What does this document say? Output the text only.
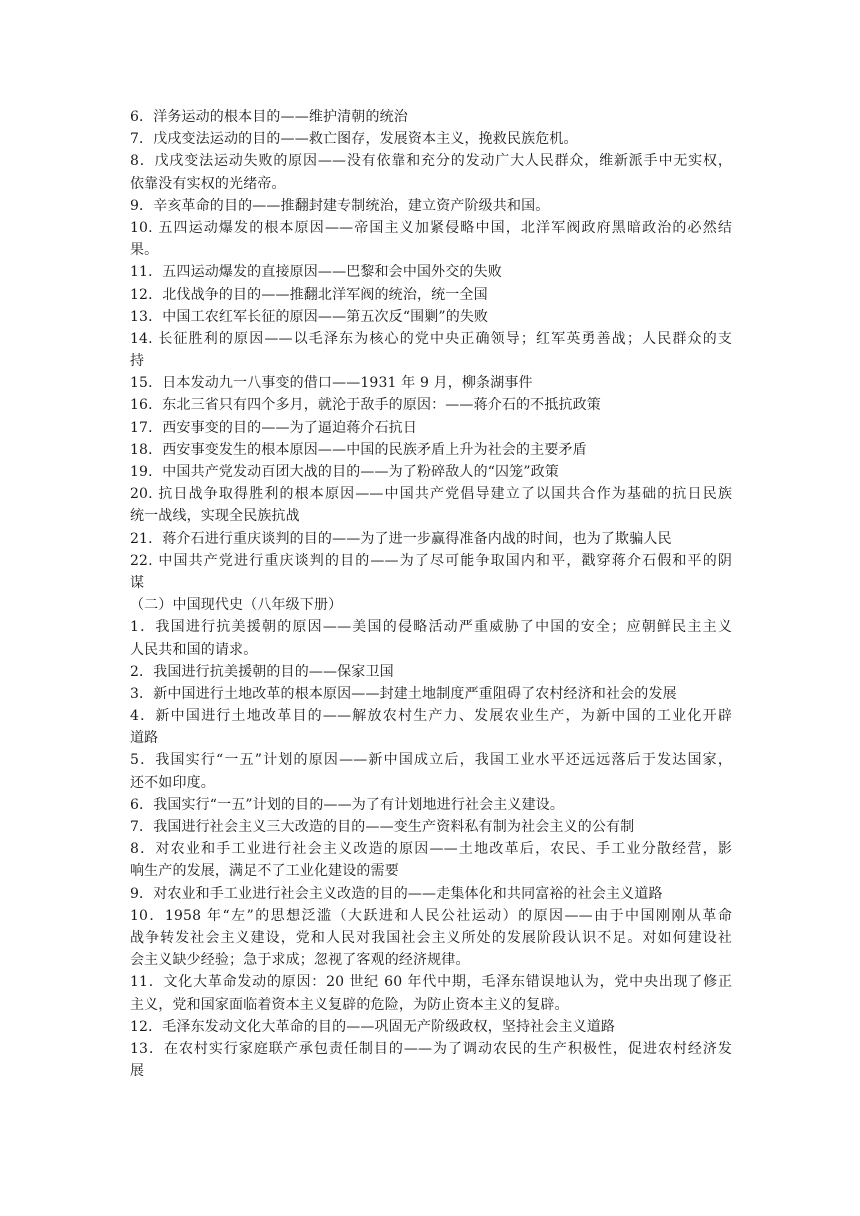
6．洋务运动的根本目的——维护清朝的统治
7．戊戌变法运动的目的——救亡图存，发展资本主义，挽救民族危机。
8．戊戌变法运动失败的原因——没有依靠和充分的发动广大人民群众，维新派手中无实权，
依靠没有实权的光绪帝。
9．辛亥革命的目的——推翻封建专制统治，建立资产阶级共和国。
10. 五四运动爆发的根本原因——帝国主义加紧侵略中国，北洋军阀政府黑暗政治的必然结
果。
11．五四运动爆发的直接原因——巴黎和会中国外交的失败
12．北伐战争的目的——推翻北洋军阀的统治，统一全国
13．中国工农红军长征的原因——第五次反“围剿”的失败
14. 长征胜利的原因——以毛泽东为核心的党中央正确领导；红军英勇善战；人民群众的支
持
15．日本发动九一八事变的借口——1931 年 9 月，柳条湖事件
16．东北三省只有四个多月，就沦于敌手的原因：——蒋介石的不抵抗政策
17．西安事变的目的——为了逼迫蒋介石抗日
18．西安事变发生的根本原因——中国的民族矛盾上升为社会的主要矛盾
19．中国共产党发动百团大战的目的——为了粉碎敌人的“囚笼”政策
20. 抗日战争取得胜利的根本原因——中国共产党倡导建立了以国共合作为基础的抗日民族
统一战线，实现全民族抗战
21．蒋介石进行重庆谈判的目的——为了进一步赢得准备内战的时间，也为了欺骗人民
22. 中国共产党进行重庆谈判的目的——为了尽可能争取国内和平，戳穿蒋介石假和平的阴
谋
（二）中国现代史（八年级下册）
1．我国进行抗美援朝的原因——美国的侵略活动严重威胁了中国的安全；应朝鲜民主主义
人民共和国的请求。
2．我国进行抗美援朝的目的——保家卫国
3．新中国进行土地改革的根本原因——封建土地制度严重阻碍了农村经济和社会的发展
4．新中国进行土地改革目的——解放农村生产力、发展农业生产，为新中国的工业化开辟
道路
5．我国实行“一五”计划的原因——新中国成立后，我国工业水平还远远落后于发达国家，
还不如印度。
6．我国实行“一五”计划的目的——为了有计划地进行社会主义建设。
7．我国进行社会主义三大改造的目的——变生产资料私有制为社会主义的公有制
8．对农业和手工业进行社会主义改造的原因——土地改革后，农民、手工业分散经营，影
响生产的发展，满足不了工业化建设的需要
9．对农业和手工业进行社会主义改造的目的——走集体化和共同富裕的社会主义道路
10．1958 年“左”的思想泛滥（大跃进和人民公社运动）的原因——由于中国刚刚从革命
战争转发社会主义建设，党和人民对我国社会主义所处的发展阶段认识不足。对如何建设社
会主义缺少经验；急于求成；忽视了客观的经济规律。
11．文化大革命发动的原因：20 世纪 60 年代中期，毛泽东错误地认为，党中央出现了修正
主义，党和国家面临着资本主义复辟的危险，为防止资本主义的复辟。
12．毛泽东发动文化大革命的目的——巩固无产阶级政权，坚持社会主义道路
13．在农村实行家庭联产承包责任制目的——为了调动农民的生产积极性，促进农村经济发
展
